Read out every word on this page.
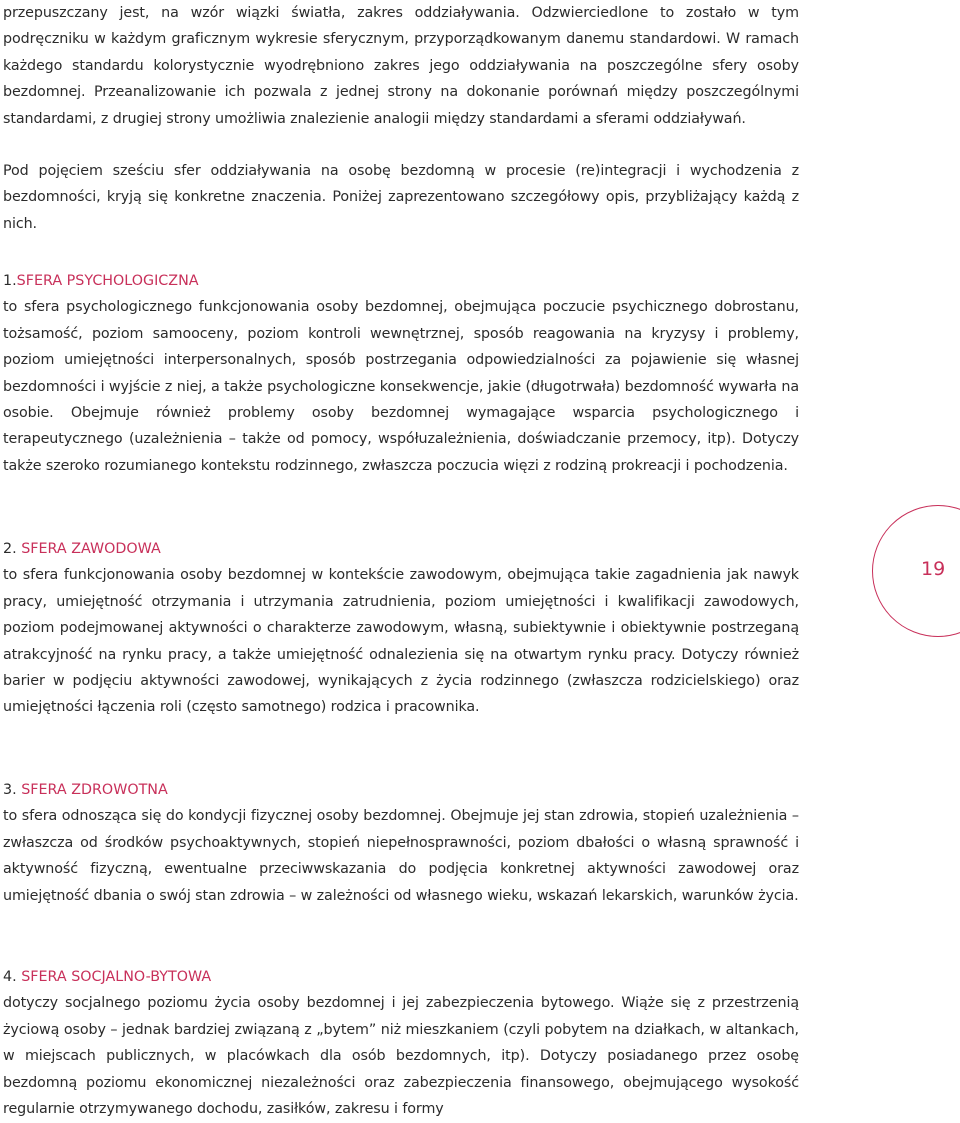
przepuszczany jest, na wzór wiązki światła, zakres oddziaływania. Odzwierciedlone to zostało w tym podręczniku w każdym graficznym wykresie sferycznym, przyporządkowanym danemu standardowi. W ramach każdego standardu kolorystycznie wyodrębniono zakres jego oddziaływania na poszczególne sfery osoby bezdomnej. Przeanalizowanie ich pozwala z jednej strony na dokonanie porównań między poszczególnymi standardami, z drugiej strony umożliwia znalezienie analogii między standardami a sferami oddziaływań.

Pod pojęciem sześciu sfer oddziaływania na osobę bezdomną w procesie (re)integracji i wychodzenia z bezdomności, kryją się konkretne znaczenia. Poniżej zaprezentowano szczegółowy opis, przybliżający każdą z nich.

1.SFERA PSYCHOLOGICZNA

to sfera psychologicznego funkcjonowania osoby bezdomnej, obejmująca poczucie psychicznego dobrostanu, tożsamość, poziom samooceny, poziom kontroli wewnętrznej, sposób reagowania na kryzysy i problemy, poziom umiejętności interpersonalnych, sposób postrzegania odpowiedzialności za pojawienie się własnej bezdomności i wyjście z niej, a także psychologiczne konsekwencje, jakie (długotrwała) bezdomność wywarła na osobie. Obejmuje również problemy osoby bezdomnej wymagające wsparcia psychologicznego i terapeutycznego (uzależnienia – także od pomocy, współuzależnienia, doświadczanie przemocy, itp). Dotyczy także szeroko rozumianego kontekstu rodzinnego, zwłaszcza poczucia więzi z rodziną prokreacji i pochodzenia.

2. SFERA ZAWODOWA

to sfera funkcjonowania osoby bezdomnej w kontekście zawodowym, obejmująca takie zagadnienia jak nawyk pracy, umiejętność otrzymania i utrzymania zatrudnienia, poziom umiejętności i kwalifikacji zawodowych, poziom podejmowanej aktywności o charakterze zawodowym, własną, subiektywnie i obiektywnie postrzeganą atrakcyjność na rynku pracy, a także umiejętność odnalezienia się na otwartym rynku pracy. Dotyczy również barier w podjęciu aktywności zawodowej, wynikających z życia rodzinnego (zwłaszcza rodzicielskiego) oraz umiejętności łączenia roli (często samotnego) rodzica i pracownika.

3. SFERA ZDROWOTNA

to sfera odnosząca się do kondycji fizycznej osoby bezdomnej. Obejmuje jej stan zdrowia, stopień uzależnienia – zwłaszcza od środków psychoaktywnych, stopień niepełnosprawności, poziom dbałości o własną sprawność i aktywność fizyczną, ewentualne przeciwwskazania do podjęcia konkretnej aktywności zawodowej oraz umiejętność dbania o swój stan zdrowia – w zależności od własnego wieku, wskazań lekarskich, warunków życia.

4. SFERA SOCJALNO-BYTOWA

dotyczy socjalnego poziomu życia osoby bezdomnej i jej zabezpieczenia bytowego. Wiąże się z przestrzenią życiową osoby – jednak bardziej związaną z „bytem” niż mieszkaniem (czyli pobytem na działkach, w altankach, w miejscach publicznych, w placówkach dla osób bezdomnych, itp). Dotyczy posiadanego przez osobę bezdomną poziomu ekonomicznej niezależności oraz zabezpieczenia finansowego, obejmującego wysokość regularnie otrzymywanego dochodu, zasiłków, zakresu i formy

19
